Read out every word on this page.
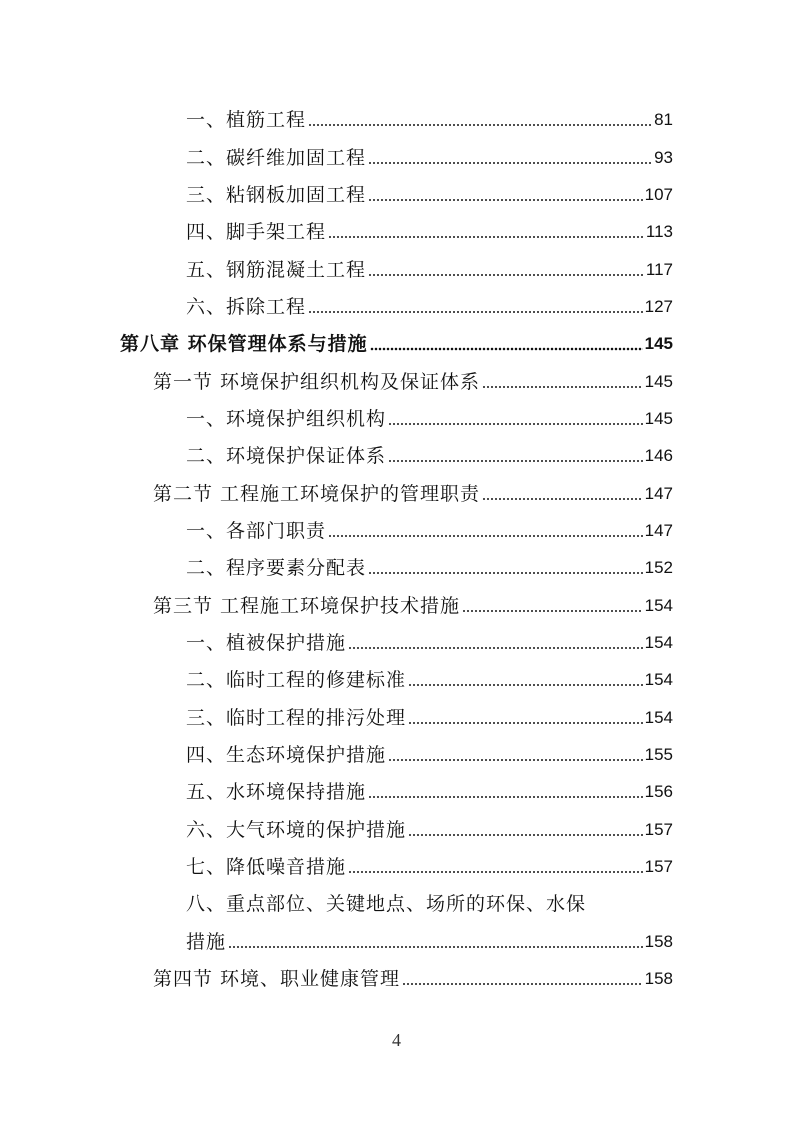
一、植筋工程	81
二、碳纤维加固工程	93
三、粘钢板加固工程	107
四、脚手架工程	113
五、钢筋混凝土工程	117
六、拆除工程	127
第八章 环保管理体系与措施	145
第一节 环境保护组织机构及保证体系	145
一、环境保护组织机构	145
二、环境保护保证体系	146
第二节 工程施工环境保护的管理职责	147
一、各部门职责	147
二、程序要素分配表	152
第三节 工程施工环境保护技术措施	154
一、植被保护措施	154
二、临时工程的修建标准	154
三、临时工程的排污处理	154
四、生态环境保护措施	155
五、水环境保持措施	156
六、大气环境的保护措施	157
七、降低噪音措施	157
八、重点部位、关键地点、场所的环保、水保
措施	158
第四节 环境、职业健康管理	158
4
